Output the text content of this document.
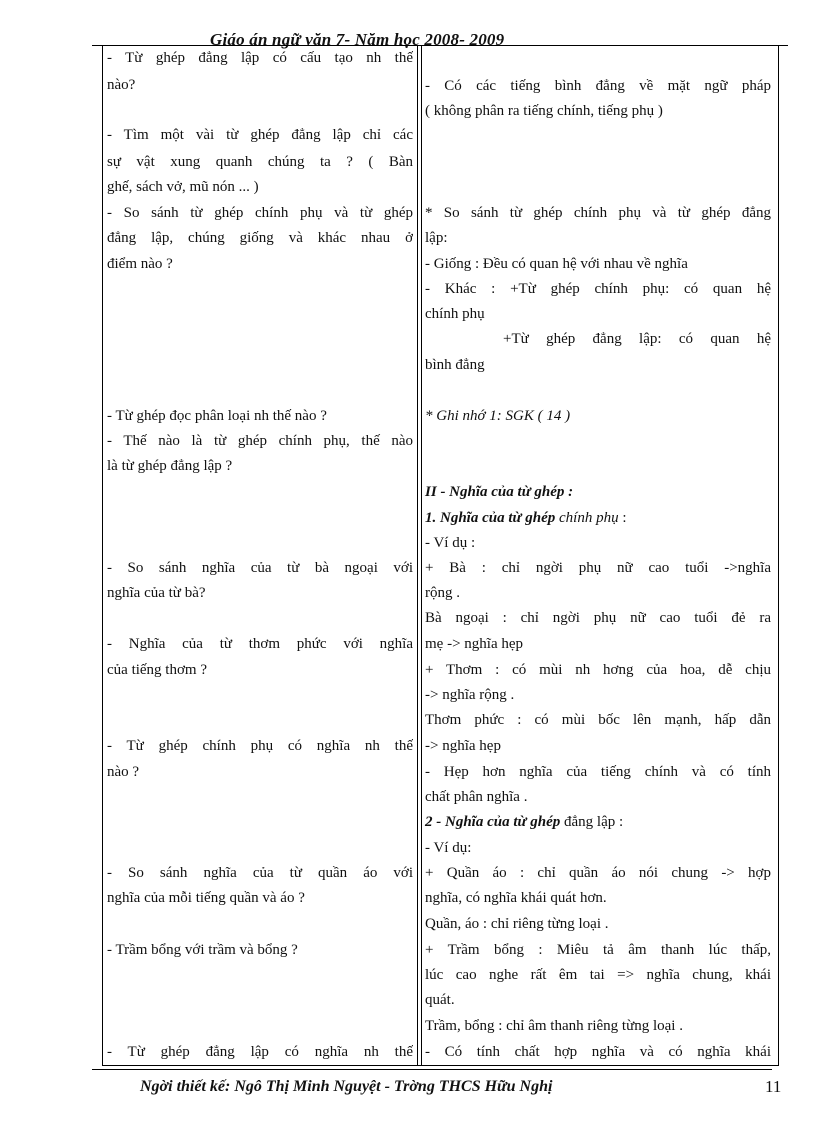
Giáo án ngữ văn 7- Năm học 2008- 2009
- Từ ghép đẳng lập có cấu tạo nh thế
nào?
- Tìm một vài từ ghép đẳng lập chỉ các
sự vật xung quanh chúng ta ? ( Bàn
ghế, sách vở, mũ nón ... )
- So sánh từ ghép chính phụ và từ ghép
đẳng lập, chúng giống và khác nhau ở
điểm nào ?
- Từ ghép đọc phân loại nh thế nào ?
- Thế nào là từ ghép chính phụ, thế nào
là từ ghép đẳng lập ?
- So sánh nghĩa của từ bà ngoại với
nghĩa của từ bà?
- Nghĩa của từ thơm phức với nghĩa
của tiếng thơm ?
- Từ ghép chính phụ có nghĩa nh thế
nào ?
- So sánh nghĩa của từ quần áo với
nghĩa của mỗi tiếng quần và áo ?
- Trầm bổng với trầm và bổng ?
- Từ ghép đẳng lập có nghĩa nh thế
- Có các tiếng bình đẳng về mặt ngữ pháp
( không phân ra tiếng chính, tiếng phụ )
* So sánh từ ghép chính phụ và từ ghép đẳng
lập:
- Giống : Đều có quan hệ với nhau về nghĩa
- Khác : +Từ ghép chính phụ: có quan hệ
chính phụ
+Từ ghép đẳng lập: có quan hệ
bình đẳng
* Ghi nhớ 1: SGK ( 14 )
II - Nghĩa của từ ghép :
1. Nghĩa của từ ghép chính phụ :
- Ví dụ :
+ Bà : chỉ ngời phụ nữ cao tuổi ->nghĩa
rộng .
Bà ngoại : chỉ ngời phụ nữ cao tuổi đẻ ra
mẹ -> nghĩa hẹp
+ Thơm : có mùi nh hơng của hoa, dễ chịu
-> nghĩa rộng .
Thơm phức : có mùi bốc lên mạnh, hấp dẫn
-> nghĩa hẹp
- Hẹp hơn nghĩa của tiếng chính và có tính
chất phân nghĩa .
2 - Nghĩa của từ ghép đẳng lập :
- Ví dụ:
+ Quần áo : chỉ quần áo nói chung -> hợp
nghĩa, có nghĩa khái quát hơn.
Quần, áo : chỉ riêng từng loại .
+ Trầm bổng : Miêu tả âm thanh lúc thấp,
lúc cao nghe rất êm tai => nghĩa chung, khái
quát.
Trầm, bổng : chỉ âm thanh riêng từng loại .
- Có tính chất hợp nghĩa và có nghĩa khái
Ngời thiết kế: Ngô Thị Minh Nguyệt - Trờng THCS Hữu Nghị	11
